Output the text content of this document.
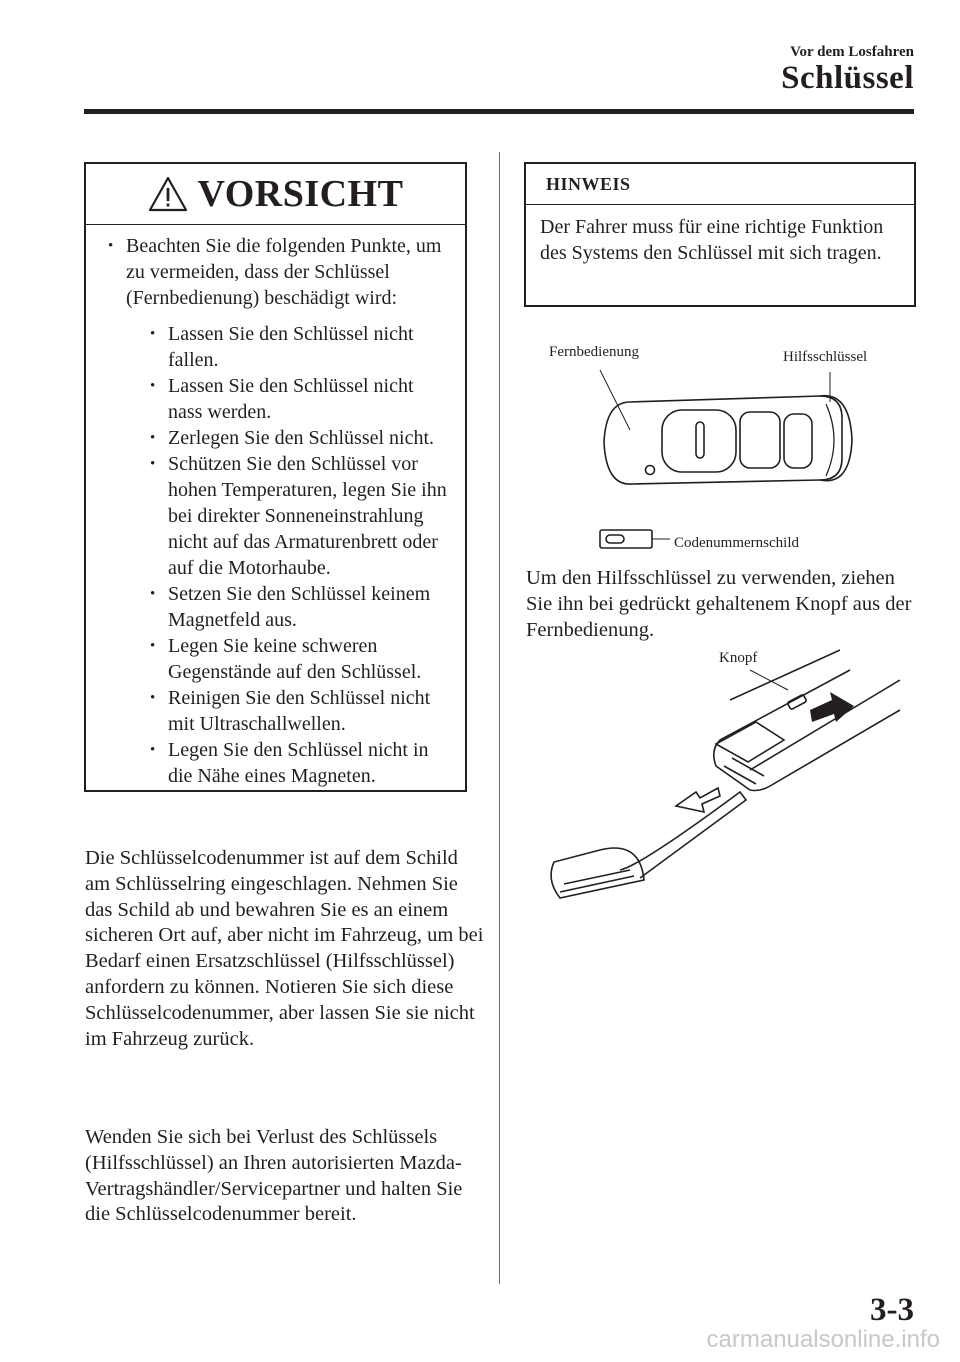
Vor dem Losfahren
Schlüssel
VORSICHT

• Beachten Sie die folgenden Punkte, um zu vermeiden, dass der Schlüssel (Fernbedienung) beschädigt wird:

• Lassen Sie den Schlüssel nicht fallen.
• Lassen Sie den Schlüssel nicht nass werden.
• Zerlegen Sie den Schlüssel nicht.
• Schützen Sie den Schlüssel vor hohen Temperaturen, legen Sie ihn bei direkter Sonneneinstrahlung nicht auf das Armaturenbrett oder auf die Motorhaube.
• Setzen Sie den Schlüssel keinem Magnetfeld aus.
• Legen Sie keine schweren Gegenstände auf den Schlüssel.
• Reinigen Sie den Schlüssel nicht mit Ultraschallwellen.
• Legen Sie den Schlüssel nicht in die Nähe eines Magneten.

Die Schlüsselcodenummer ist auf dem Schild am Schlüsselring eingeschlagen. Nehmen Sie das Schild ab und bewahren Sie es an einem sicheren Ort auf, aber nicht im Fahrzeug, um bei Bedarf einen Ersatzschlüssel (Hilfsschlüssel) anfordern zu können. Notieren Sie sich diese Schlüsselcodenummer, aber lassen Sie sie nicht im Fahrzeug zurück.

Wenden Sie sich bei Verlust des Schlüssels (Hilfsschlüssel) an Ihren autorisierten Mazda-Vertragshändler/Servicepartner und halten Sie die Schlüsselcodenummer bereit.

HINWEIS
Der Fahrer muss für eine richtige Funktion des Systems den Schlüssel mit sich tragen.
Fernbedienung	Hilfsschlüssel
Codenummernschild

Um den Hilfsschlüssel zu verwenden, ziehen Sie ihn bei gedrückt gehaltenem Knopf aus der Fernbedienung.

Knopf
3-3
carmanualsonline.info
